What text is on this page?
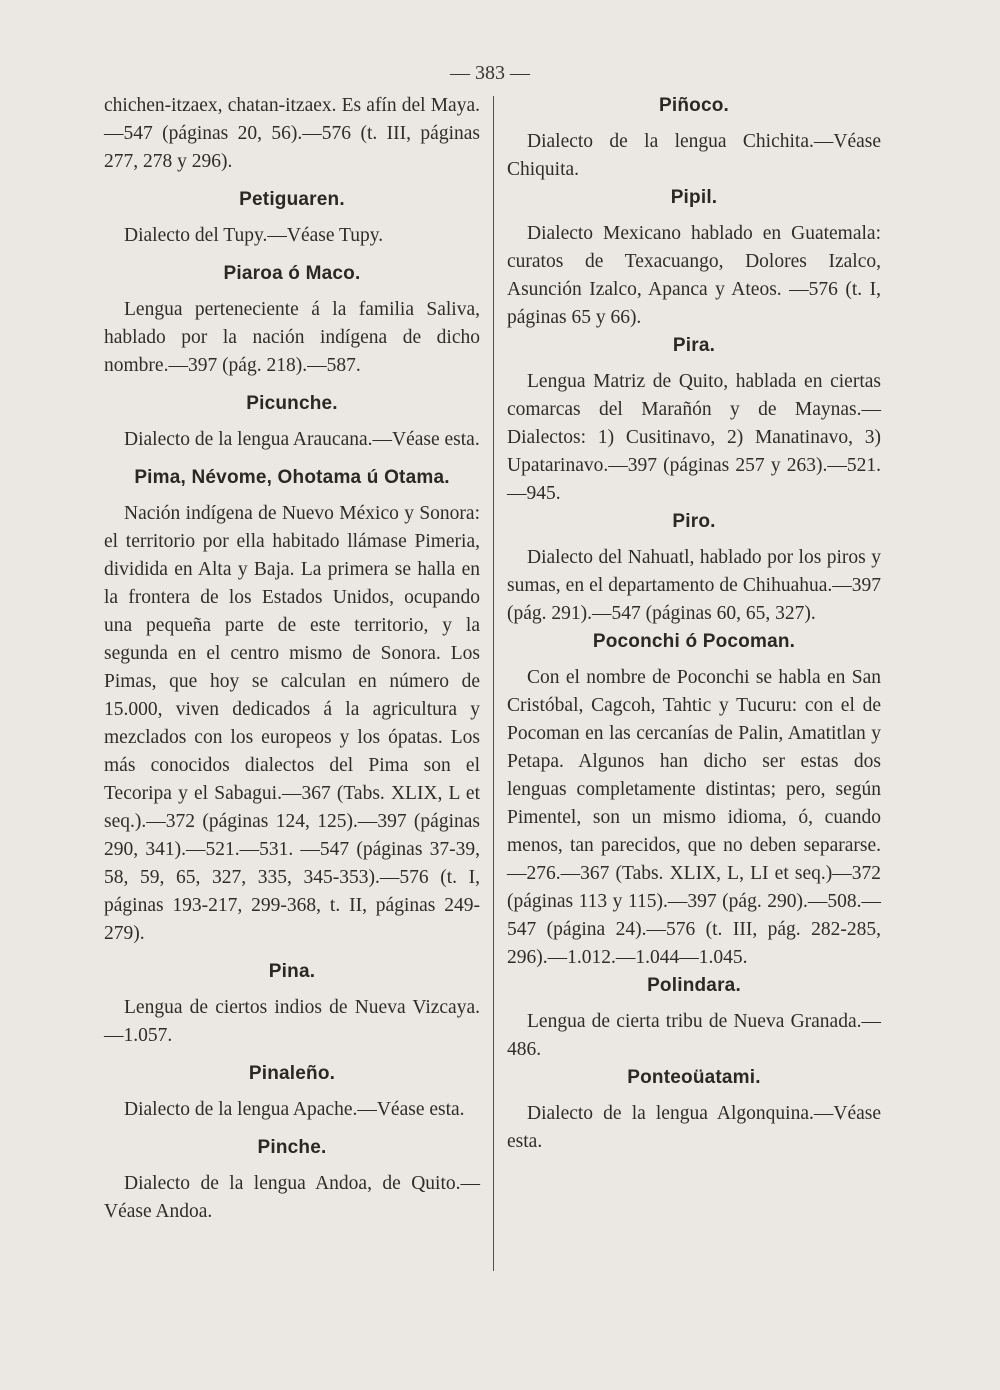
— 383 —

chichen-itzaex, chatan-itzaex. Es afín del Maya.—547 (páginas 20, 56).—576 (t. III, páginas 277, 278 y 296).

Petiguaren.

Dialecto del Tupy.—Véase Tupy.

Piaroa ó Maco.

Lengua perteneciente á la familia Saliva, hablado por la nación indígena de dicho nombre.—397 (pág. 218).—587.

Picunche.

Dialecto de la lengua Araucana.—Véase esta.

Pima, Névome, Ohotama ú Otama.

Nación indígena de Nuevo México y Sonora: el territorio por ella habitado llámase Pimeria, dividida en Alta y Baja. La primera se halla en la frontera de los Estados Unidos, ocupando una pequeña parte de este territorio, y la segunda en el centro mismo de Sonora. Los Pimas, que hoy se calculan en número de 15.000, viven dedicados á la agricultura y mezclados con los europeos y los ópatas. Los más conocidos dialectos del Pima son el Tecoripa y el Sabagui.—367 (Tabs. XLIX, L et seq.).—372 (páginas 124, 125).—397 (páginas 290, 341).—521.—531. —547 (páginas 37-39, 58, 59, 65, 327, 335, 345-353).—576 (t. I, páginas 193-217, 299-368, t. II, páginas 249-279).

Pina.

Lengua de ciertos indios de Nueva Vizcaya.—1.057.

Pinaleño.

Dialecto de la lengua Apache.—Véase esta.

Pinche.

Dialecto de la lengua Andoa, de Quito.—Véase Andoa.

Piñoco.

Dialecto de la lengua Chichita.—Véase Chiquita.

Pipil.

Dialecto Mexicano hablado en Guatemala: curatos de Texacuango, Dolores Izalco, Asunción Izalco, Apanca y Ateos. —576 (t. I, páginas 65 y 66).

Pira.

Lengua Matriz de Quito, hablada en ciertas comarcas del Marañón y de Maynas.—Dialectos: 1) Cusitinavo, 2) Manatinavo, 3) Upatarinavo.—397 (páginas 257 y 263).—521.—945.

Piro.

Dialecto del Nahuatl, hablado por los piros y sumas, en el departamento de Chihuahua.—397 (pág. 291).—547 (páginas 60, 65, 327).

Poconchi ó Pocoman.

Con el nombre de Poconchi se habla en San Cristóbal, Cagcoh, Tahtic y Tucuru: con el de Pocoman en las cercanías de Palin, Amatitlan y Petapa. Algunos han dicho ser estas dos lenguas completamente distintas; pero, según Pimentel, son un mismo idioma, ó, cuando menos, tan parecidos, que no deben separarse.—276.—367 (Tabs. XLIX, L, LI et seq.)—372 (páginas 113 y 115).—397 (pág. 290).—508.—547 (página 24).—576 (t. III, pág. 282-285, 296).—1.012.—1.044—1.045.

Polindara.

Lengua de cierta tribu de Nueva Granada.—486.

Ponteoüatami.

Dialecto de la lengua Algonquina.—Véase esta.
